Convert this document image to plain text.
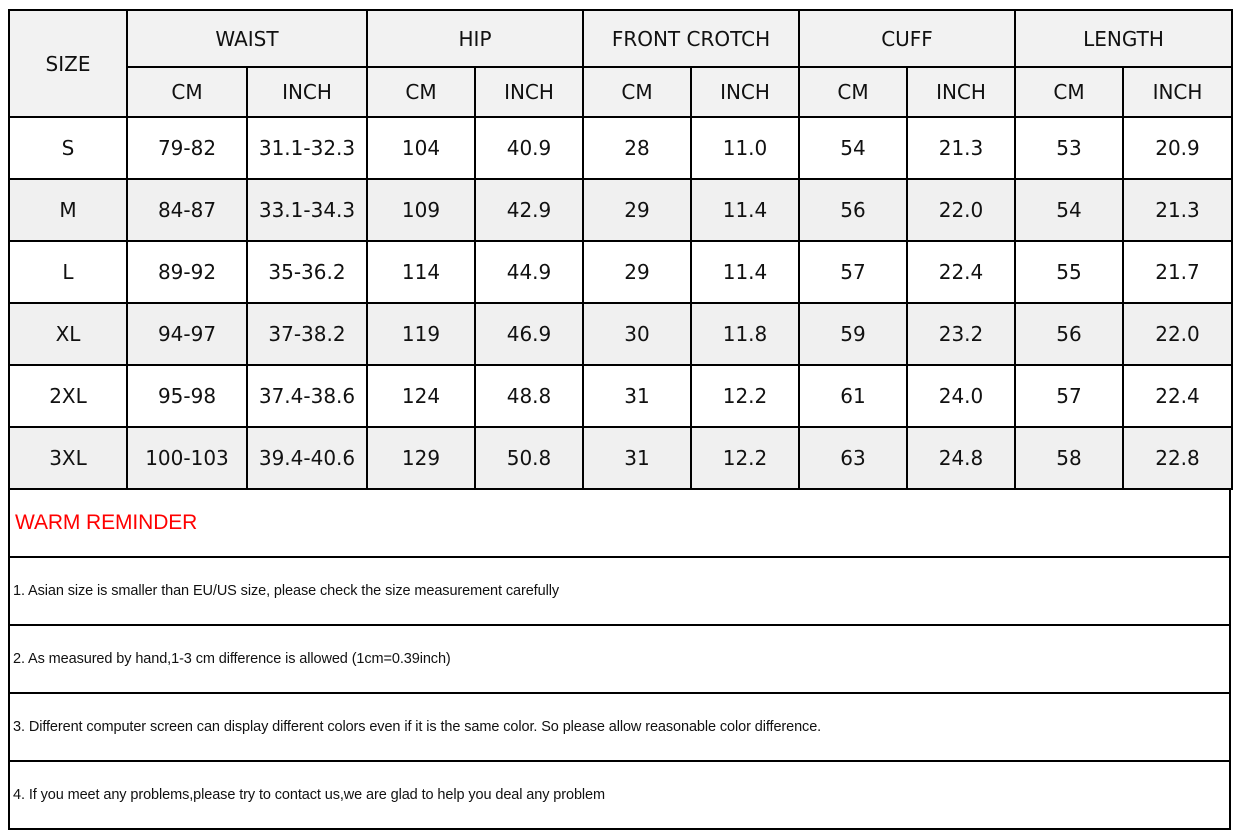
SIZE	WAIST		HIP		FRONT CROTCH		CUFF		LENGTH	
	CM	INCH	CM	INCH	CM	INCH	CM	INCH	CM	INCH
S	79-82	31.1-32.3	104	40.9	28	11.0	54	21.3	53	20.9
M	84-87	33.1-34.3	109	42.9	29	11.4	56	22.0	54	21.3
L	89-92	35-36.2	114	44.9	29	11.4	57	22.4	55	21.7
XL	94-97	37-38.2	119	46.9	30	11.8	59	23.2	56	22.0
2XL	95-98	37.4-38.6	124	48.8	31	12.2	61	24.0	57	22.4
3XL	100-103	39.4-40.6	129	50.8	31	12.2	63	24.8	58	22.8
WARM REMINDER
1. Asian size is smaller than EU/US size, please check the size measurement carefully
2. As measured by hand,1-3 cm difference is allowed (1cm=0.39inch)
3. Different computer screen can display different colors even if it is the same color. So please allow reasonable color difference.
4. If you meet any problems,please try to contact us,we are glad to help you deal any problem
